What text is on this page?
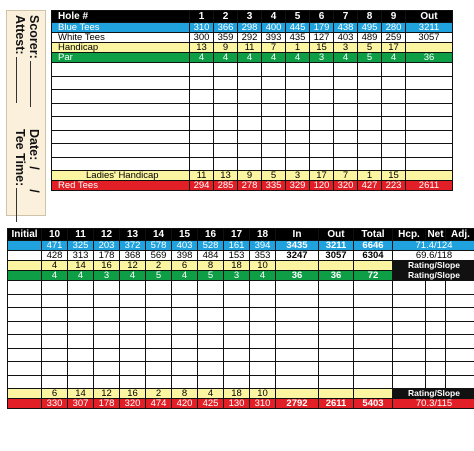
Scorer:
Attest:
Date:/ /
Tee Time:
Hole #	1	2	3	4	5	6	7	8	9	Out
Blue Tees	310	366	298	400	445	179	438	495	280	3211
White Tees	300	359	292	393	435	127	403	489	259	3057
Handicap	13	9	11	7	1	15	3	5	17	
Par	4	4	4	4	4	3	4	5	4	36

Ladies' Handicap	11	13	9	5	3	17	7	1	15	
Red Tees	294	285	278	335	329	120	320	427	223	2611
Initial	10	11	12	13	14	15	16	17	18	In	Out	Total	Hcp.	Net	Adj.
	471	325	203	372	578	403	528	161	394	3435	3211	6646	71.4/124		
	428	313	178	368	569	398	484	153	353	3247	3057	6304	69.6/118		
	4	14	16	12	2	6	8	18	10				Rating/Slope		
	4	4	3	4	5	4	5	3	4	36	36	72	Rating/Slope		

	6	14	12	16	2	8	4	18	10				Rating/Slope		
	330	307	178	320	474	420	425	130	310	2792	2611	5403	70.3/115		
